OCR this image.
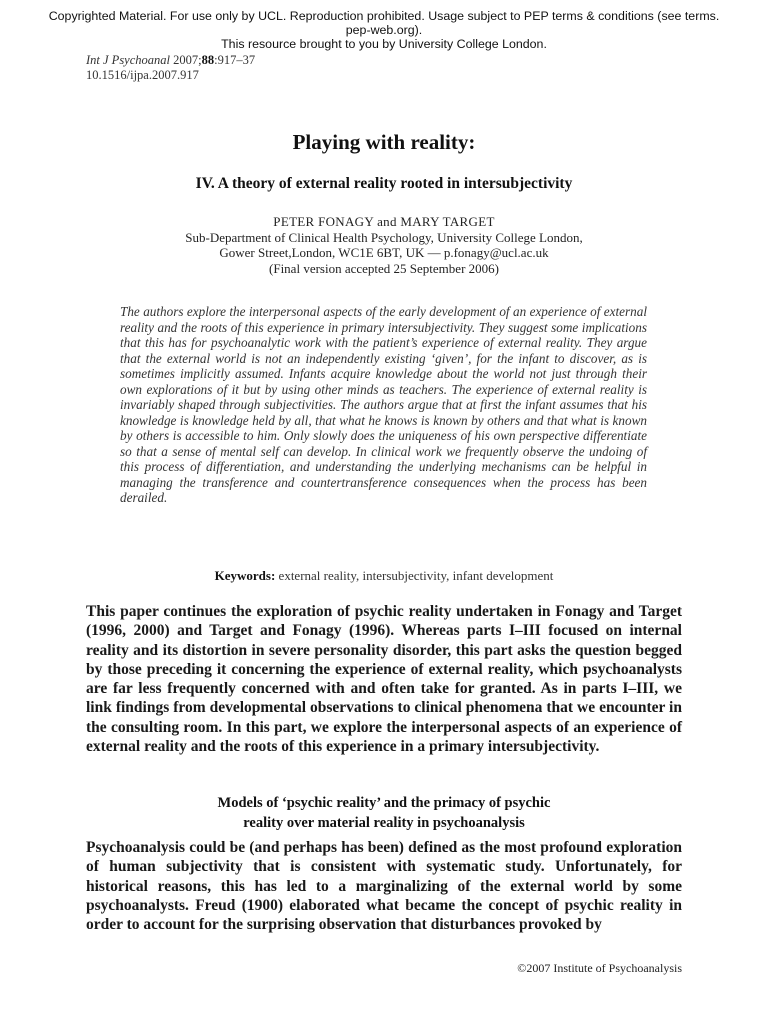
Copyrighted Material. For use only by UCL. Reproduction prohibited. Usage subject to PEP terms & conditions (see terms.
pep-web.org).
This resource brought to you by University College London.
Int J Psychoanal 2007;88:917–37
10.1516/ijpa.2007.917
Playing with reality:
IV. A theory of external reality rooted in intersubjectivity
PETER FONAGY and MARY TARGET
Sub-Department of Clinical Health Psychology, University College London,
Gower Street,London, WC1E 6BT, UK — p.fonagy@ucl.ac.uk
(Final version accepted 25 September 2006)
The authors explore the interpersonal aspects of the early development of an experience of external reality and the roots of this experience in primary intersubjectivity. They suggest some implications that this has for psychoanalytic work with the patient’s experience of external reality. They argue that the external world is not an independently existing ‘given’, for the infant to discover, as is sometimes implicitly assumed. Infants acquire knowledge about the world not just through their own explorations of it but by using other minds as teachers. The experience of external reality is invariably shaped through subjectivities. The authors argue that at first the infant assumes that his knowledge is knowledge held by all, that what he knows is known by others and that what is known by others is accessible to him. Only slowly does the uniqueness of his own perspective differentiate so that a sense of mental self can develop. In clinical work we frequently observe the undoing of this process of differentiation, and understanding the underlying mechanisms can be helpful in managing the transference and countertransference consequences when the process has been derailed.
Keywords: external reality, intersubjectivity, infant development
This paper continues the exploration of psychic reality undertaken in Fonagy and Target (1996, 2000) and Target and Fonagy (1996). Whereas parts I–III focused on internal reality and its distortion in severe personality disorder, this part asks the question begged by those preceding it concerning the experience of external reality, which psychoanalysts are far less frequently concerned with and often take for granted. As in parts I–III, we link findings from developmental observations to clinical phenomena that we encounter in the consulting room. In this part, we explore the interpersonal aspects of an experience of external reality and the roots of this experience in a primary intersubjectivity.
Models of ‘psychic reality’ and the primacy of psychic
reality over material reality in psychoanalysis
Psychoanalysis could be (and perhaps has been) defined as the most profound exploration of human subjectivity that is consistent with systematic study. Unfortunately, for historical reasons, this has led to a marginalizing of the external world by some psychoanalysts. Freud (1900) elaborated what became the concept of psychic reality in order to account for the surprising observation that disturbances provoked by
©2007 Institute of Psychoanalysis
